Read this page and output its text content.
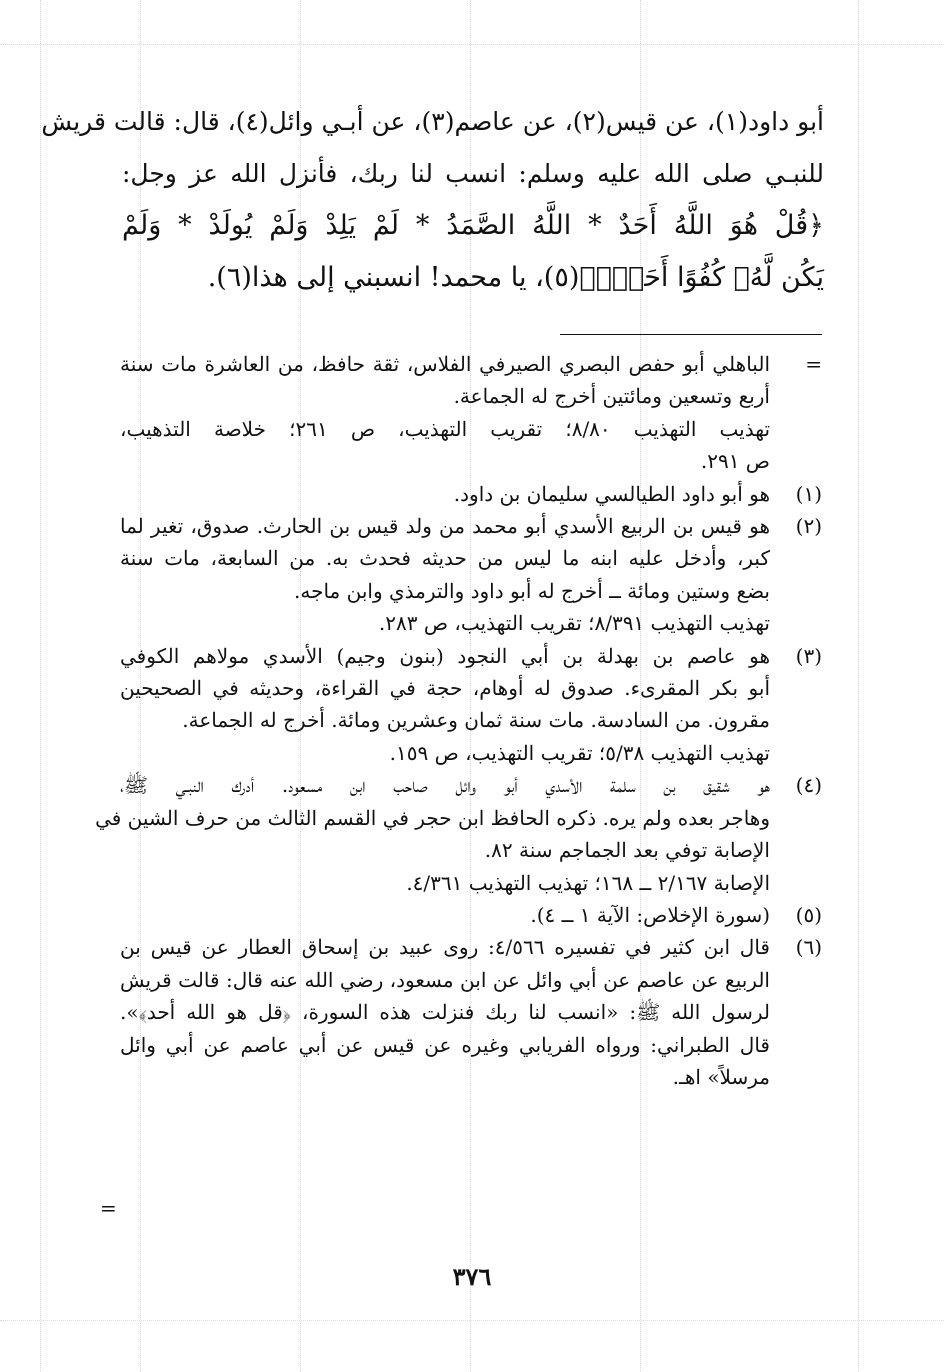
أبو داود(١)، عن قيس(٢)، عن عاصم(٣)، عن أبـي وائل(٤)، قال: قالت قريش
للنبـي صلى الله عليه وسلم: انسب لنا ربك، فأنزل الله عز وجل:
﴿قُلْ هُوَ اللَّهُ أَحَدٌ * اللَّهُ الصَّمَدُ * لَمْ يَلِدْ وَلَمْ يُولَدْ * وَلَمْ
يَكُن لَّهُۥ كُفُوًا أَحَدٌۢ﴾(٥)، يا محمد! انسبني إلى هذا(٦).
=
الباهلي أبو حفص البصري الصيرفي الفلاس، ثقة حافظ، من العاشرة مات سنة
أربع وتسعين ومائتين أخرج له الجماعة.
تهذيب التهذيب ٨/٨٠؛ تقريب التهذيب، ص ٢٦١؛ خلاصة التذهيب،
ص ٢٩١.
(١)
هو أبو داود الطيالسي سليمان بن داود.
(٢)
هو قيس بن الربيع الأسدي أبو محمد من ولد قيس بن الحارث. صدوق، تغير لما
كبر، وأدخل عليه ابنه ما ليس من حديثه فحدث به. من السابعة، مات سنة
بضع وستين ومائة ــ أخرج له أبو داود والترمذي وابن ماجه.
تهذيب التهذيب ٨/٣٩١؛ تقريب التهذيب، ص ٢٨٣.
(٣)
هو عاصم بن بهدلة بن أبي النجود (بنون وجيم) الأسدي مولاهم الكوفي
أبو بكر المقرىء. صدوق له أوهام، حجة في القراءة، وحديثه في الصحيحين
مقرون. من السادسة. مات سنة ثمان وعشرين ومائة. أخرج له الجماعة.
تهذيب التهذيب ٥/٣٨؛ تقريب التهذيب، ص ١٥٩.
(٤)
هو شقيق بن سلمة الأسدي أبو وائل صاحب ابن مسعود. أدرك النبـي ﷺ،
وهاجر بعده ولم يره. ذكره الحافظ ابن حجر في القسم الثالث من حرف الشين في
الإصابة توفي بعد الجماجم سنة ٨٢.
الإصابة ٢/١٦٧ ــ ١٦٨؛ تهذيب التهذيب ٤/٣٦١.
(٥)
(سورة الإخلاص: الآية ١ ــ ٤).
(٦)
قال ابن كثير في تفسيره ٤/٥٦٦: روى عبيد بن إسحاق العطار عن قيس بن
الربيع عن عاصم عن أبي وائل عن ابن مسعود، رضي الله عنه قال: قالت قريش
لرسول الله ﷺ: «انسب لنا ربك فنزلت هذه السورة، ﴿قل هو الله أحد﴾».
قال الطبراني: ورواه الفريابي وغيره عن قيس عن أبي عاصم عن أبي وائل
مرسلاً» اهـ.
=
٣٧٦
